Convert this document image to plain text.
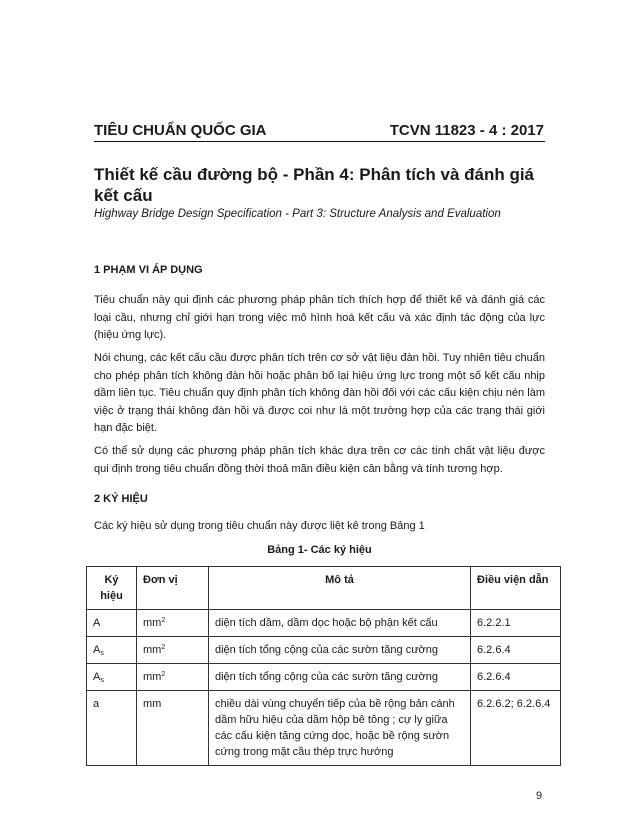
TIÊU CHUẨN QUỐC GIA	TCVN 11823 - 4 : 2017
Thiết kế cầu đường bộ - Phần 4: Phân tích và đánh giá kết cấu

Highway Bridge Design Specification - Part 3: Structure Analysis and Evaluation

1 PHẠM VI ÁP DỤNG

Tiêu chuẩn này qui định các phương pháp phân tích thích hợp để thiết kế và đánh giá các loại cầu, nhưng chỉ giới hạn trong việc mô hình hoá kết cấu và xác định tác động của lực (hiệu ứng lực).

Nói chung, các kết cấu cầu được phân tích trên cơ sở vật liệu đàn hồi. Tuy nhiên tiêu chuẩn cho phép phân tích không đàn hồi hoặc phân bố lại hiệu ứng lực trong một số kết cấu nhịp dầm liên tục. Tiêu chuẩn quy định phân tích không đàn hồi đối với các cấu kiện chịu nén làm việc ở trạng thái không đàn hồi và được coi như là một trường hợp của các trạng thái giới hạn đặc biệt.

Có thể sử dụng các phương pháp phân tích khác dựa trên cơ các tính chất vật liệu được qui định trong tiêu chuẩn đồng thời thoả mãn điều kiện cân bằng và tính tương hợp.

2 KÝ HIỆU

Các ký hiệu sử dụng trong tiêu chuẩn này được liệt kê trong Bảng 1

Bảng 1- Các ký hiệu

Ký hiệu	Đơn vị	Mô tả	Điều viện dẫn
A	$mm^2$	diện tích dầm, dầm dọc hoặc bộ phận kết cấu	6.2.2.1
$A_s$	$mm^2$	diện tích tổng cộng của các sườn tăng cường	6.2.6.4
$A_s$	$mm^2$	diện tích tổng cộng của các sườn tăng cường	6.2.6.4
a	mm	chiều dài vùng chuyển tiếp của bề rộng bản cánh dầm hữu hiệu của dầm hộp bê tông ; cự ly giữa các cấu kiện tăng cứng dọc, hoặc bề rộng sườn cứng trong mặt cầu thép trực hướng	6.2.6.2; 6.2.6.4
9
